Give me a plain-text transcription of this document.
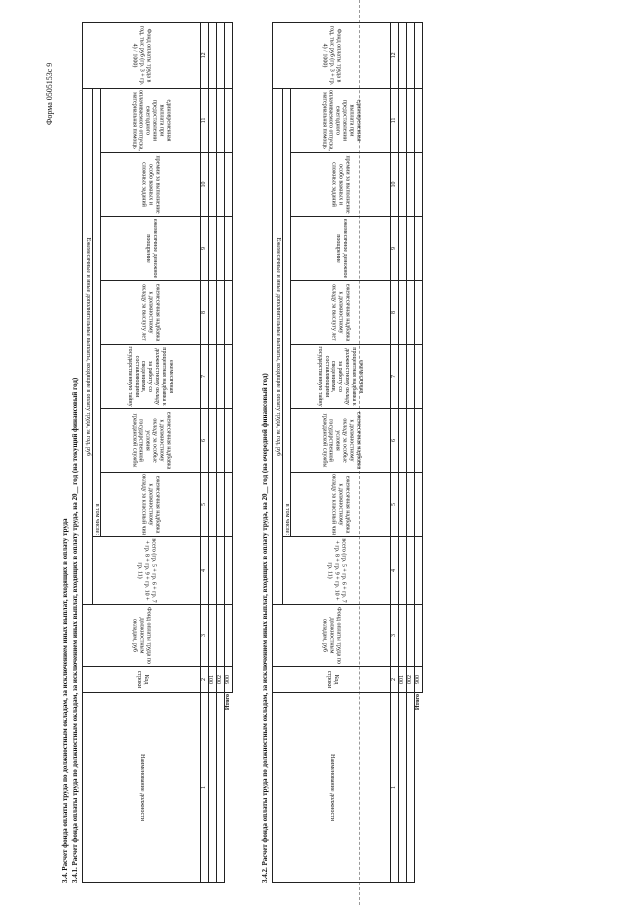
Форма 0505153с 9
3.4. Расчет фонда оплаты труда по должностным окладам, за исключением иных выплат, входящих в оплату труда 3.4.1. Расчет фонда оплаты труда по должностным окладам, за исключением иных выплат, входящих в оплату труда, на 20__ год (на текущий финансовый год)	3.4.2. Расчет фонда оплаты труда по должностным окладам, за исключением иных выплат, входящих в оплату труда, на 20__ год (на очередной финансовый год)
Наименование должности	Код строки	Фонд оплаты труда по должностным окладам, руб	Ежемесячные и иные дополнительные выплаты, входящие в оплату труда, за год, руб								Фонд оплаты труда в год, тыс руб (гр. 3 + гр. 4) / 1000)
			всего (гр. 5 + гр. 6 + гр. 7 + гр. 8 + гр. 9 + гр. 10 + гр. 11)	в том числе:							
				ежемесячная надбавка к должностному окладу за классный чин	ежемесячная надбавка к должностному окладу за особые условия государственной гражданской службы	ежемесячная процентная надбавка к должностному окладу за работу со сведениями, составляющими государственную тайну	ежемесячная надбавка к должностному окладу за выслугу лет	ежемесячное денежное поощрение	премии за выполнение особо важных и сложных заданий	единовременная выплата при предоставлении ежегодного оплачиваемого отпуска, материальная помощь	
1	2	3	4	5	6	7	8	9	10	11	12
	001										
	002										
Итого	900										
Наименование должности	Код строки	Фонд оплаты труда по должностным окладам, руб	Ежемесячные и иные дополнительные выплаты, входящие в оплату труда, за год, руб								Фонд оплаты труда в год, тыс руб (гр. 3 + гр. 4) / 1000)
			всего (гр. 5 + гр. 6 + гр. 7 + гр. 8 + гр. 9 + гр. 10 + гр. 11)	в том числе:							
				ежемесячная надбавка к должностному окладу за классный чин	ежемесячная надбавка к должностному окладу за особые условия государственной гражданской службы	ежемесячная процентная надбавка к должностному окладу за работу со сведениями, составляющими государственную тайну	ежемесячная надбавка к должностному окладу за выслугу лет	ежемесячное денежное поощрение	премии за выполнение особо важных и сложных заданий	единовременная выплата при предоставлении ежегодного оплачиваемого отпуска, материальная помощь	
1	2	3	4	5	6	7	8	9	10	11	12
	001										
	002										
Итого	900										
